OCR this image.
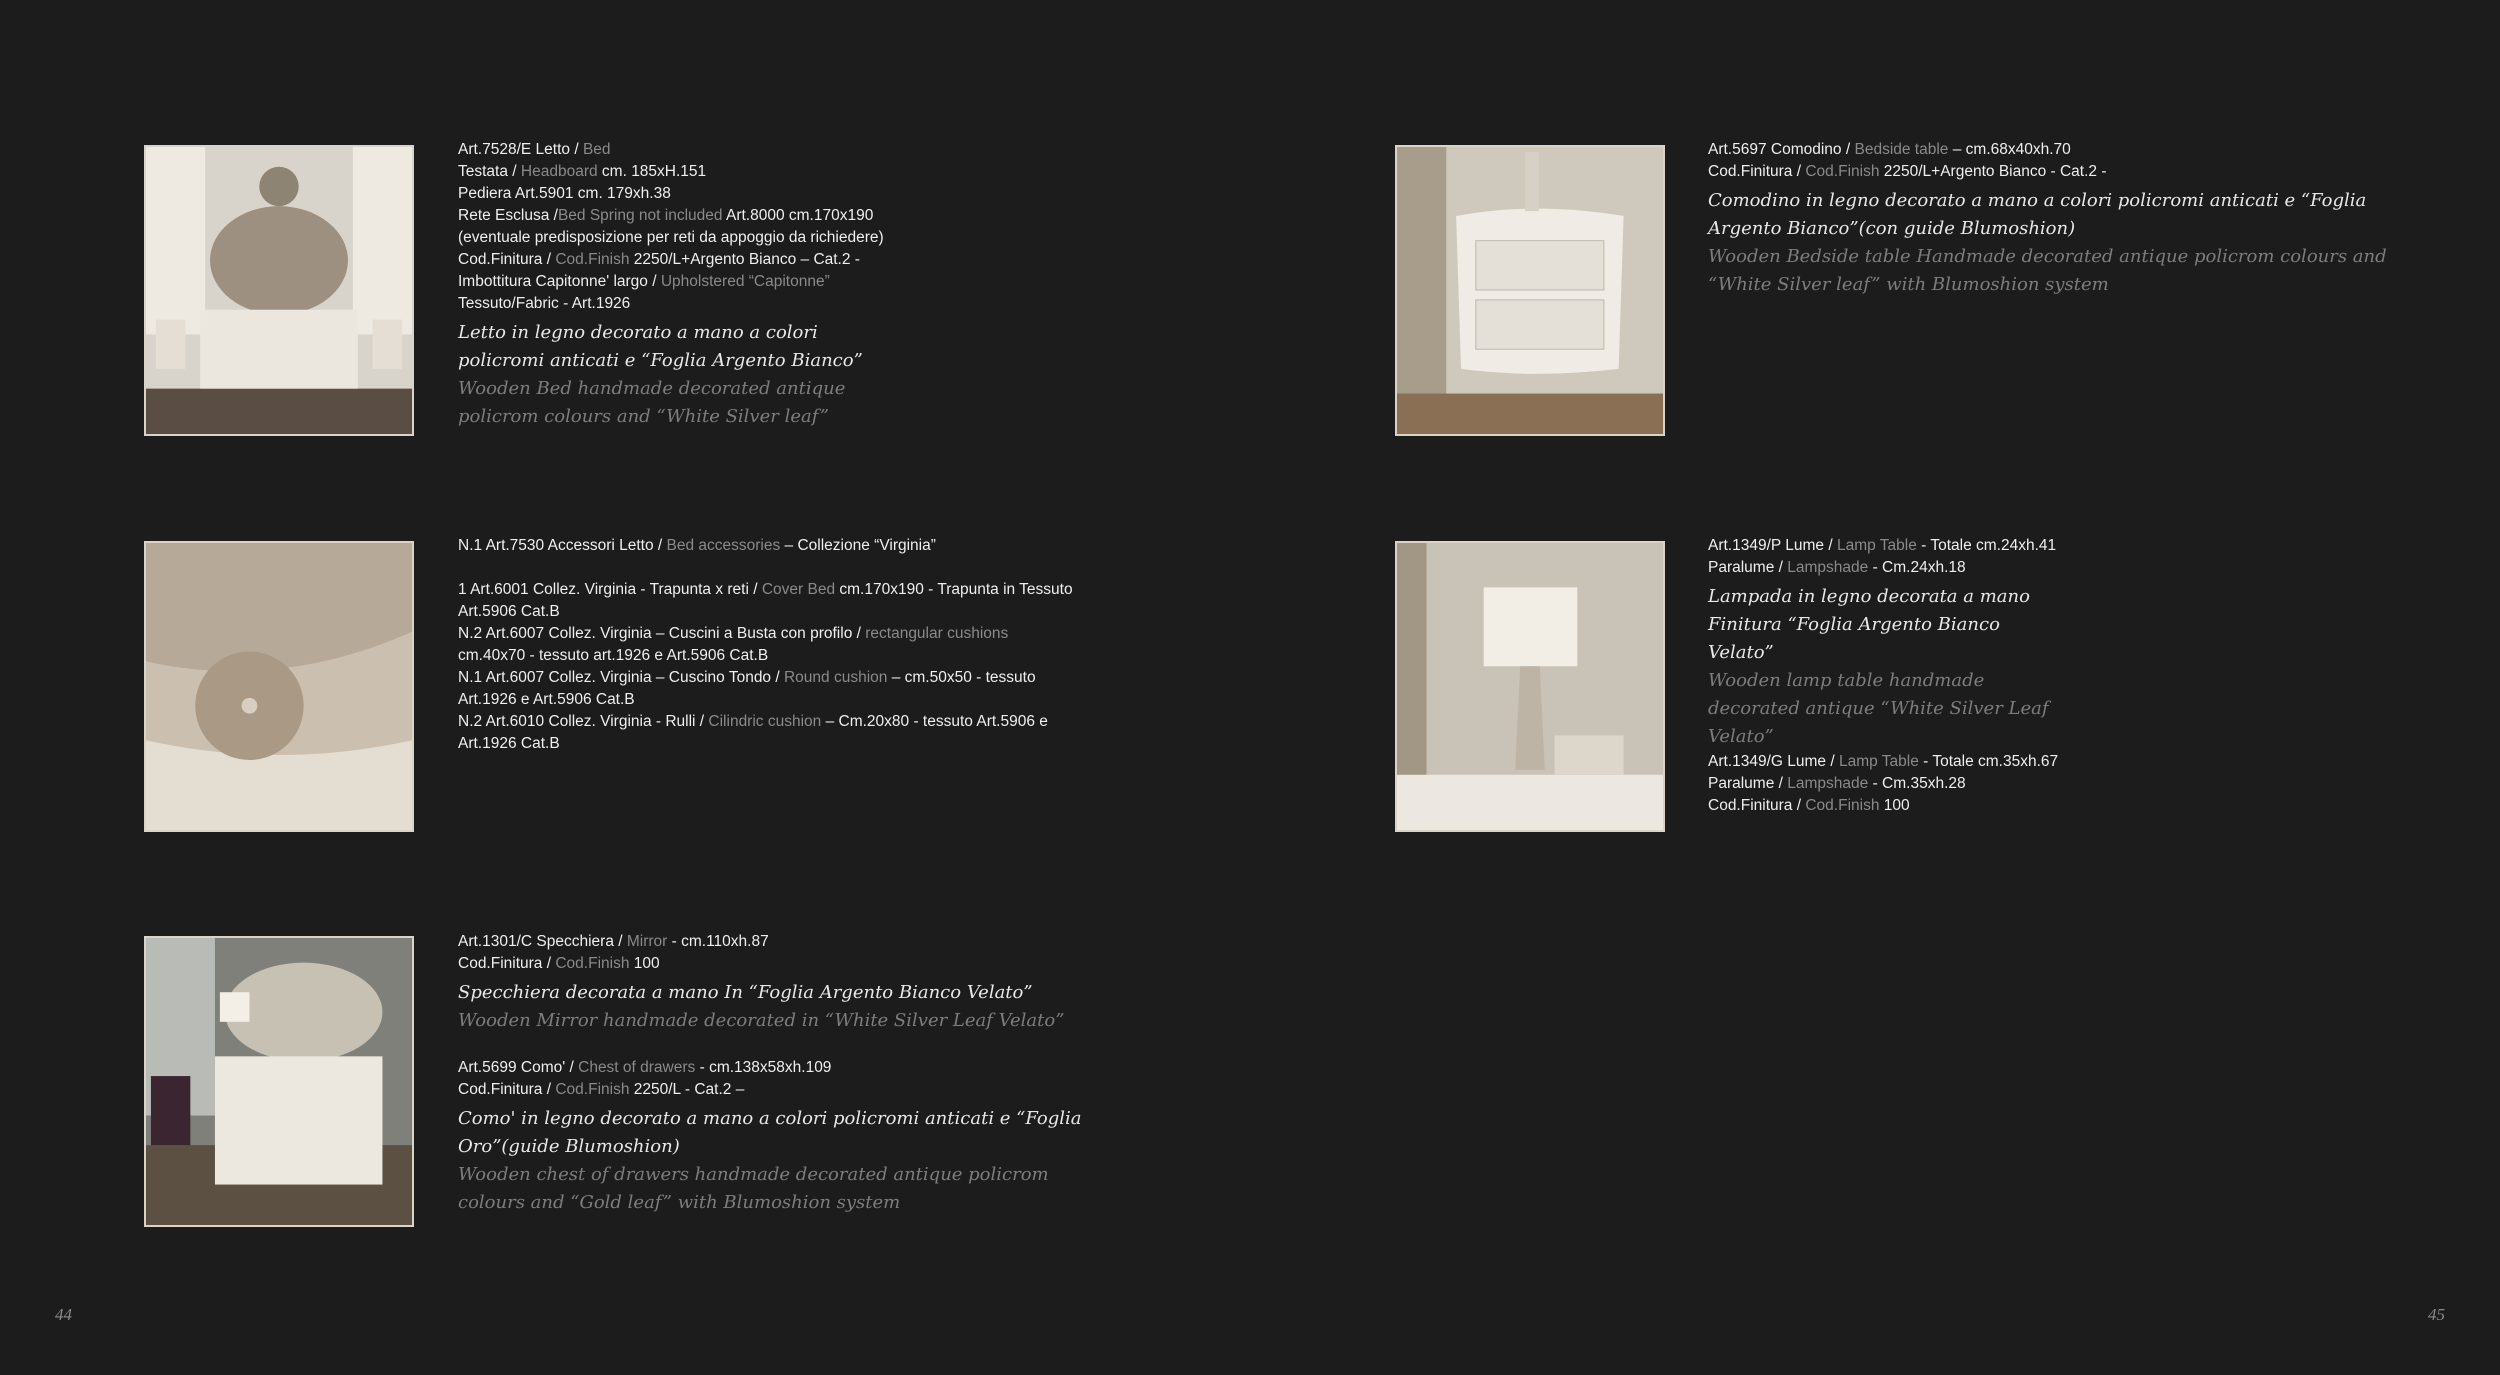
Art.7528/E Letto / Bed
Testata / Headboard cm. 185xH.151
Pediera Art.5901 cm. 179xh.38
Rete Esclusa /Bed Spring not included Art.8000 cm.170x190
(eventuale predisposizione per reti da appoggio da richiedere)
Cod.Finitura / Cod.Finish 2250/L+Argento Bianco – Cat.2 -
Imbottitura Capitonne' largo / Upholstered “Capitonne”
Tessuto/Fabric - Art.1926
Letto in legno decorato a mano a colori policromi anticati e “Foglia Argento Bianco”
Wooden Bed handmade decorated antique policrom colours and “White Silver leaf”
Art.5697 Comodino / Bedside table – cm.68x40xh.70
Cod.Finitura / Cod.Finish 2250/L+Argento Bianco - Cat.2 -
Comodino in legno decorato a mano a colori policromi anticati e “Foglia Argento Bianco”(con guide Blumoshion)
Wooden Bedside table Handmade decorated antique policrom colours and “White Silver leaf” with Blumoshion system
N.1 Art.7530 Accessori Letto / Bed accessories – Collezione “Virginia”
1 Art.6001 Collez. Virginia - Trapunta x reti / Cover Bed cm.170x190 - Trapunta in Tessuto
Art.5906 Cat.B
N.2 Art.6007 Collez. Virginia – Cuscini a Busta con profilo / rectangular cushions
cm.40x70 - tessuto art.1926 e Art.5906 Cat.B
N.1 Art.6007 Collez. Virginia – Cuscino Tondo / Round cushion – cm.50x50 - tessuto
Art.1926 e Art.5906 Cat.B
N.2 Art.6010 Collez. Virginia - Rulli / Cilindric cushion – Cm.20x80 - tessuto Art.5906 e
Art.1926 Cat.B
Art.1349/P Lume / Lamp Table - Totale cm.24xh.41
Paralume / Lampshade - Cm.24xh.18
Lampada in legno decorata a mano Finitura “Foglia Argento Bianco Velato”
Wooden lamp table handmade decorated antique “White Silver Leaf Velato”
Art.1349/G Lume / Lamp Table - Totale cm.35xh.67
Paralume / Lampshade - Cm.35xh.28
Cod.Finitura / Cod.Finish 100
Art.1301/C Specchiera / Mirror - cm.110xh.87
Cod.Finitura / Cod.Finish 100
Specchiera decorata a mano In “Foglia Argento Bianco Velato”
Wooden Mirror handmade decorated in “White Silver Leaf Velato”
Art.5699 Como' / Chest of drawers - cm.138x58xh.109
Cod.Finitura / Cod.Finish 2250/L - Cat.2 –
Como' in legno decorato a mano a colori policromi anticati e “Foglia Oro”(guide Blumoshion)
Wooden chest of drawers handmade decorated antique policrom colours and “Gold leaf” with Blumoshion system
44	45
